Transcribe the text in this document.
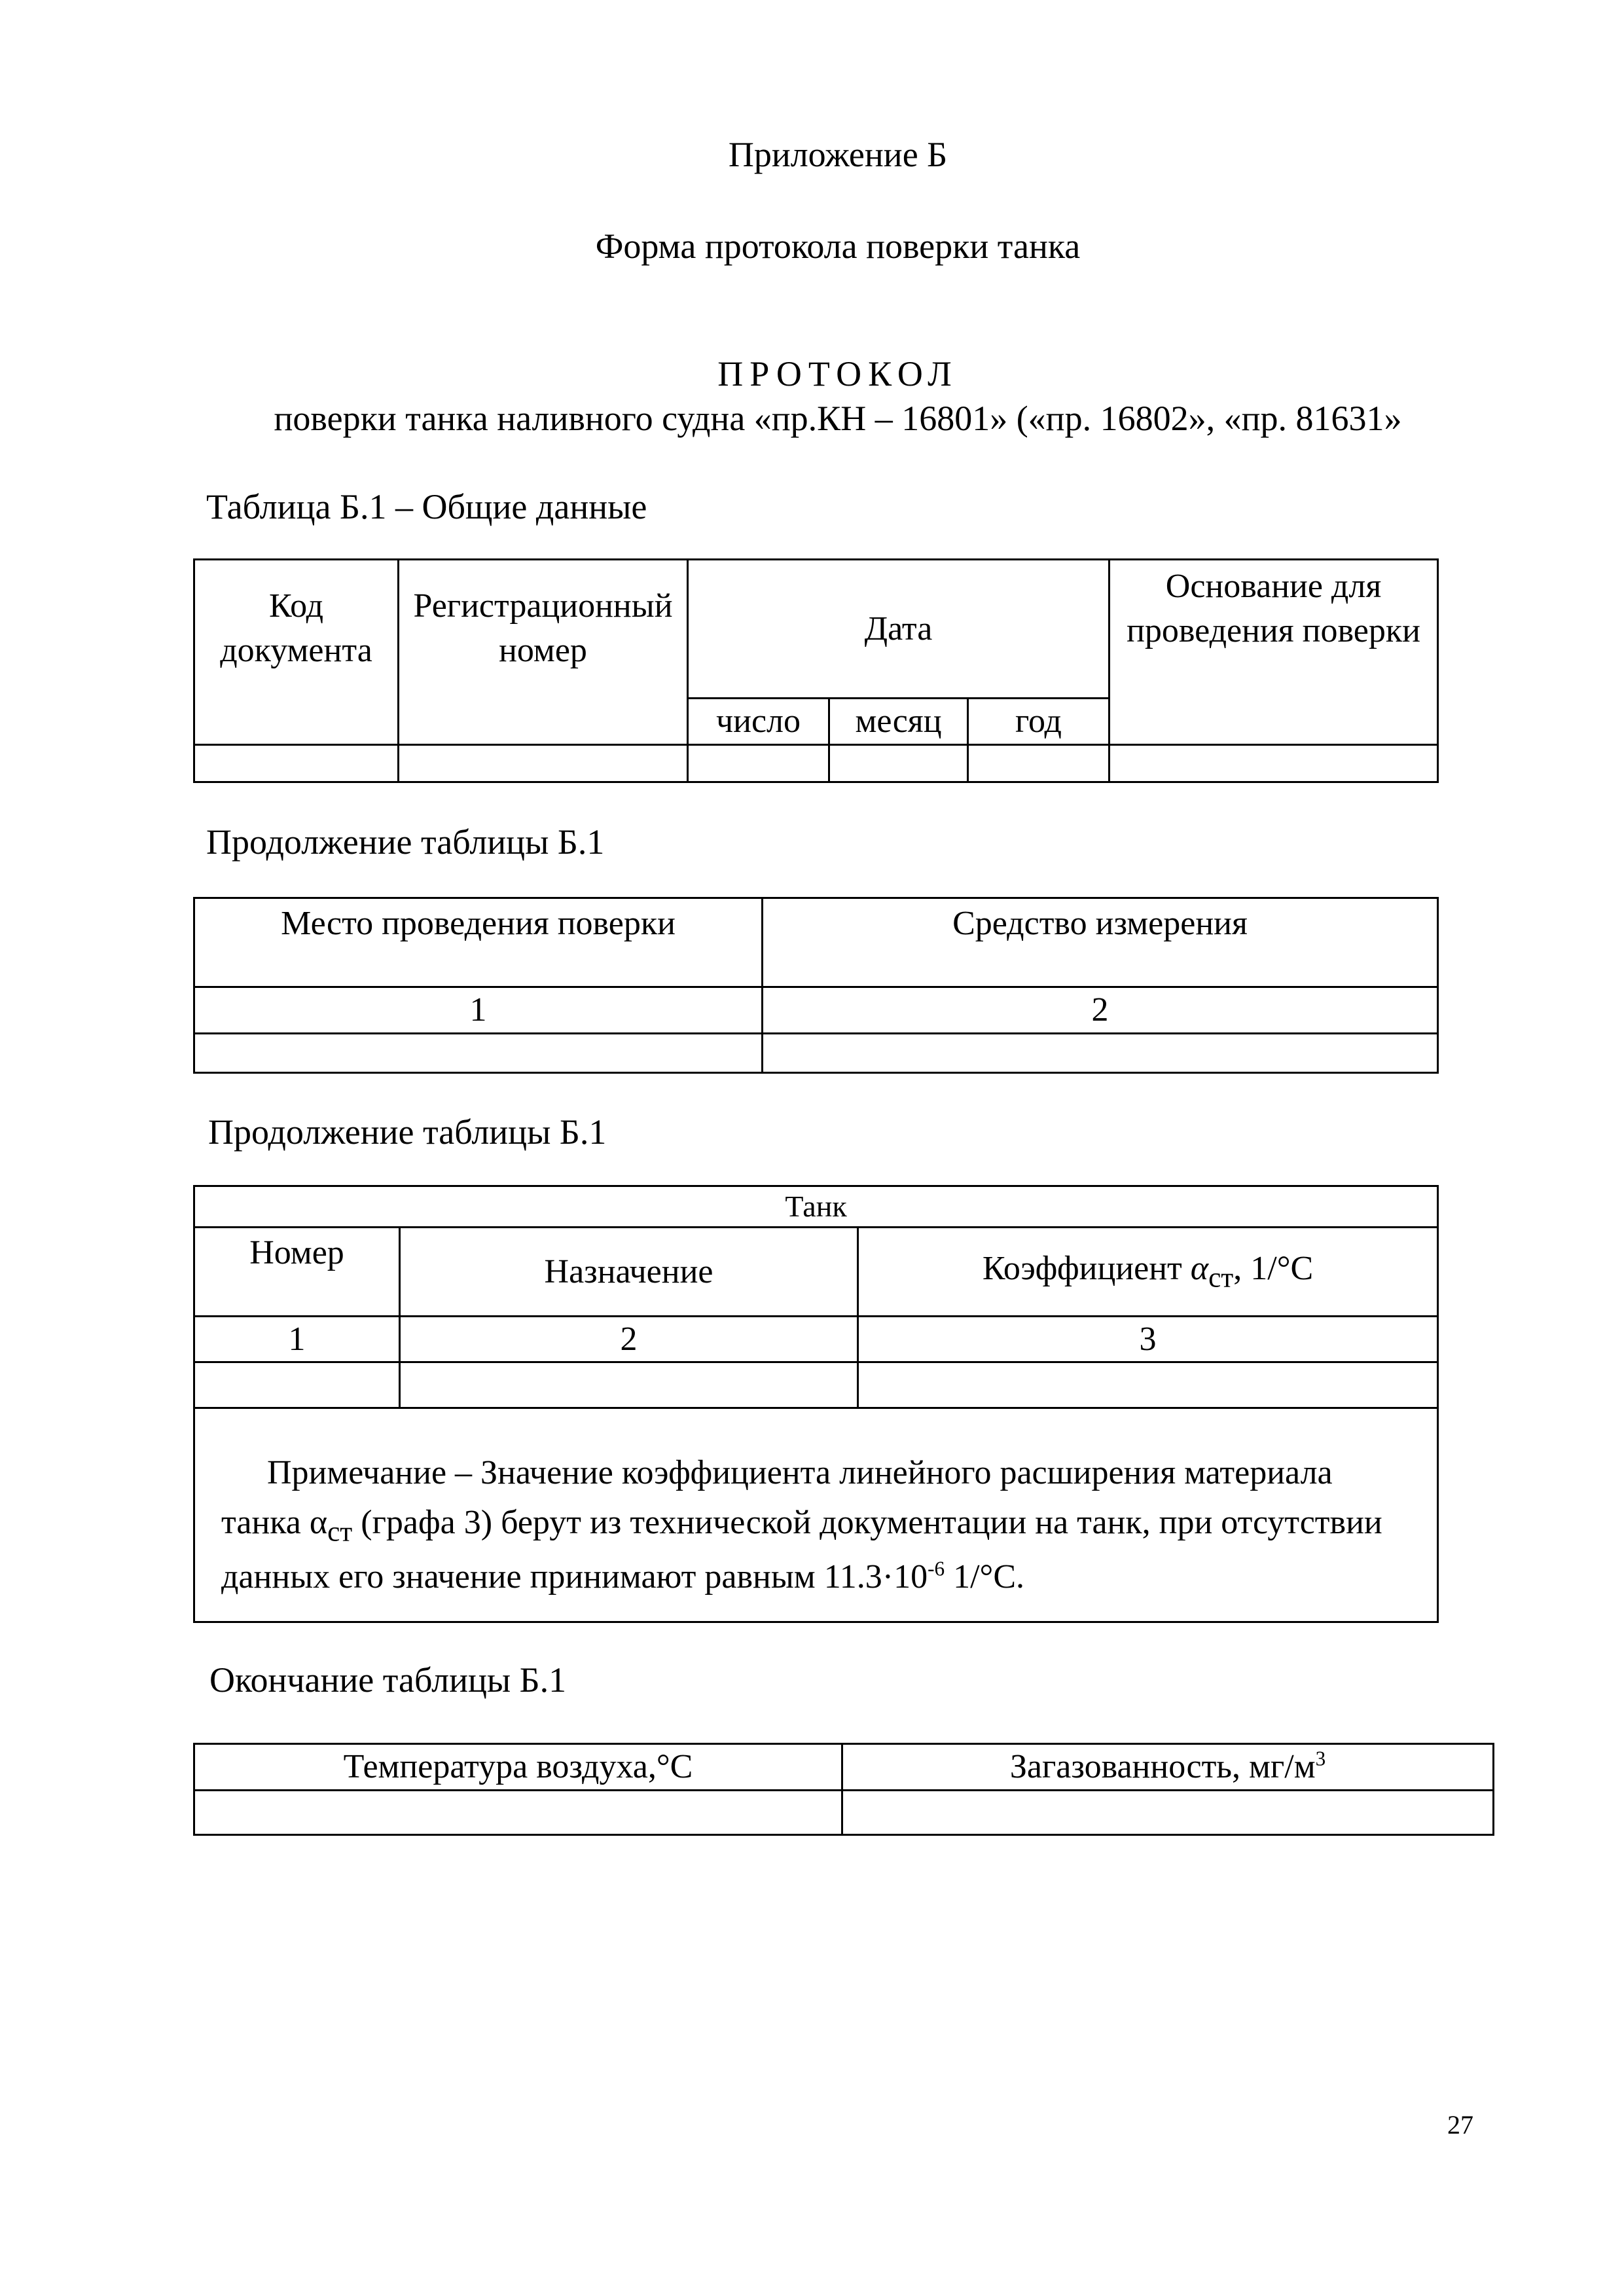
Приложение Б
Форма протокола поверки танка
ПРОТОКОЛ
поверки танка наливного судна «пр.КН – 16801» («пр. 16802», «пр. 81631»
Таблица Б.1 – Общие данные
Код документа	Регистрационный номер	Дата			Основание для проведения поверки
		число	месяц	год	

Продолжение таблицы Б.1
Место проведения поверки	Средство измерения
1	2

Продолжение таблицы Б.1
Танк		
Номер	Назначение	Коэффициент $\alpha_{ст}$, 1/°С
1	2	3

Примечание – Значение коэффициента линейного расширения материала танка $\alpha_{ст}$ (графа 3) берут из технической документации на танк, при отсутствии данных его значение принимают равным $11.3\cdot 10^{-6}$ 1/°С.		
Окончание таблицы Б.1
Температура воздуха,°С	Загазованность, $мг/м^3$

27
